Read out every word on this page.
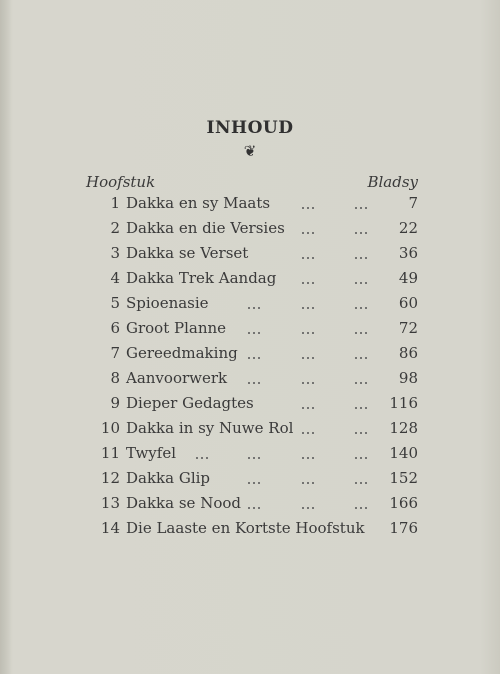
INHOUD
❦
Hoofstuk	Bladsy
1 Dakka en sy Maats	7
2 Dakka en die Versies	22
3 Dakka se Verset	36
4 Dakka Trek Aandag	49
5 Spioenasie	60
6 Groot Planne	72
7 Gereedmaking	86
8 Aanvoorwerk	98
9 Dieper Gedagtes	116
10 Dakka in sy Nuwe Rol	128
11 Twyfel	140
12 Dakka Glip	152
13 Dakka se Nood	166
14 Die Laaste en Kortste Hoofstuk 176
